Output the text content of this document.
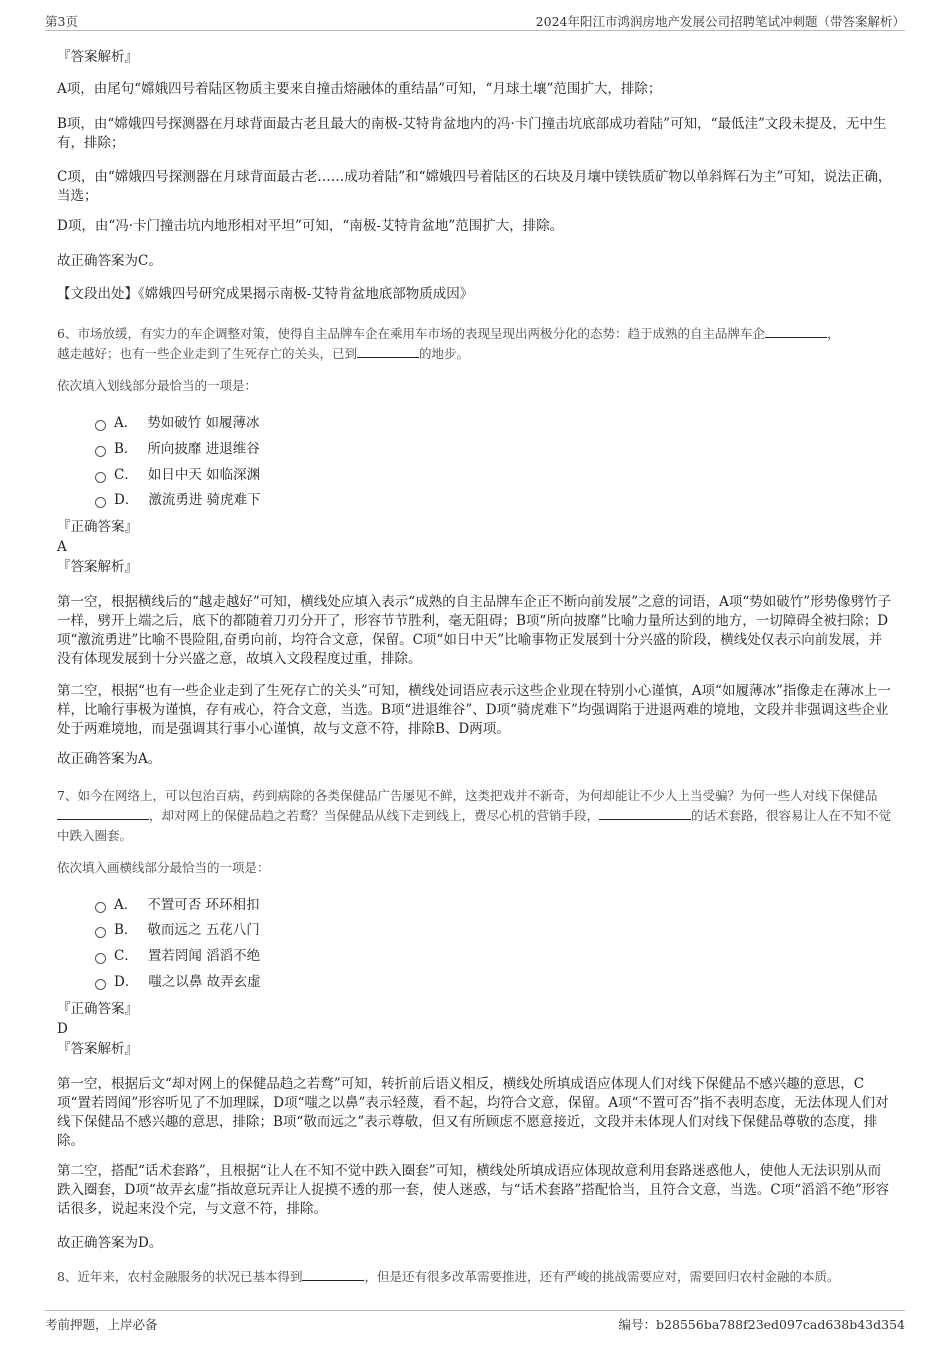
第3页	2024年阳江市鸿润房地产发展公司招聘笔试冲刺题（带答案解析）
『答案解析』
A项，由尾句“嫦娥四号着陆区物质主要来自撞击熔融体的重结晶”可知，“月球土壤”范围扩大，排除；
B项，由“嫦娥四号探测器在月球背面最古老且最大的南极-艾特肯盆地内的冯·卡门撞击坑底部成功着陆”可知，“最低洼”文段未提及，无中生有，排除；
C项，由“嫦娥四号探测器在月球背面最古老……成功着陆”和“嫦娥四号着陆区的石块及月壤中镁铁质矿物以单斜辉石为主”可知，说法正确，当选；
D项，由“冯·卡门撞击坑内地形相对平坦”可知，“南极-艾特肯盆地”范围扩大，排除。
故正确答案为C。
【文段出处】《嫦娥四号研究成果揭示南极-艾特肯盆地底部物质成因》
6、市场放缓，有实力的车企调整对策，使得自主品牌车企在乘用车市场的表现呈现出两极分化的态势：趋于成熟的自主品牌车企	，
越走越好；也有一些企业走到了生死存亡的关头，已到	的地步。
依次填入划线部分最恰当的一项是：
A． 势如破竹 如履薄冰
B． 所向披靡 进退维谷
C． 如日中天 如临深渊
D． 激流勇进 骑虎难下
『正确答案』
A
『答案解析』
第一空，根据横线后的“越走越好”可知，横线处应填入表示“成熟的自主品牌车企正不断向前发展”之意的词语，A项“势如破竹”形势像劈竹子一样，劈开上端之后，底下的都随着刀刃分开了，形容节节胜利，毫无阻碍；B项“所向披靡”比喻力量所达到的地方，一切障碍全被扫除；D项“激流勇进”比喻不畏险阻,奋勇向前，均符合文意，保留。C项“如日中天”比喻事物正发展到十分兴盛的阶段，横线处仅表示向前发展，并没有体现发展到十分兴盛之意，故填入文段程度过重，排除。
第二空，根据“也有一些企业走到了生死存亡的关头”可知，横线处词语应表示这些企业现在特别小心谨慎，A项“如履薄冰”指像走在薄冰上一样，比喻行事极为谨慎，存有戒心，符合文意，当选。B项“进退维谷”、D项“骑虎难下”均强调陷于进退两难的境地，文段并非强调这些企业处于两难境地，而是强调其行事小心谨慎，故与文意不符，排除B、D两项。
故正确答案为A。
7、如今在网络上，可以包治百病，药到病除的各类保健品广告屡见不鲜，这类把戏并不新奇，为何却能让不少人上当受骗？为何一些人对线下保健品，却对网上的保健品趋之若鹜？当保健品从线下走到线上，费尽心机的营销手段，	的话术套路，很容易让人在不知不觉中跌入圈套。
依次填入画横线部分最恰当的一项是：
A． 不置可否 环环相扣
B． 敬而远之 五花八门
C． 置若罔闻 滔滔不绝
D． 嗤之以鼻 故弄玄虚
『正确答案』
D
『答案解析』
第一空，根据后文“却对网上的保健品趋之若鹜”可知，转折前后语义相反，横线处所填成语应体现人们对线下保健品不感兴趣的意思，C项“置若罔闻”形容听见了不加理睬，D项“嗤之以鼻”表示轻蔑，看不起，均符合文意，保留。A项“不置可否”指不表明态度，无法体现人们对线下保健品不感兴趣的意思，排除；B项“敬而远之”表示尊敬，但又有所顾虑不愿意接近，文段并未体现人们对线下保健品尊敬的态度，排除。
第二空，搭配“话术套路”，且根据“让人在不知不觉中跌入圈套”可知，横线处所填成语应体现故意利用套路迷惑他人，使他人无法识别从而跌入圈套，D项“故弄玄虚”指故意玩弄让人捉摸不透的那一套，使人迷惑，与“话术套路”搭配恰当，且符合文意，当选。C项“滔滔不绝”形容话很多，说起来没个完，与文意不符，排除。
故正确答案为D。
8、近年来，农村金融服务的状况已基本得到	，但是还有很多改革需要推进，还有严峻的挑战需要应对，需要回归农村金融的本质。
考前押题，上岸必备	编号：b28556ba788f23ed097cad638b43d354
